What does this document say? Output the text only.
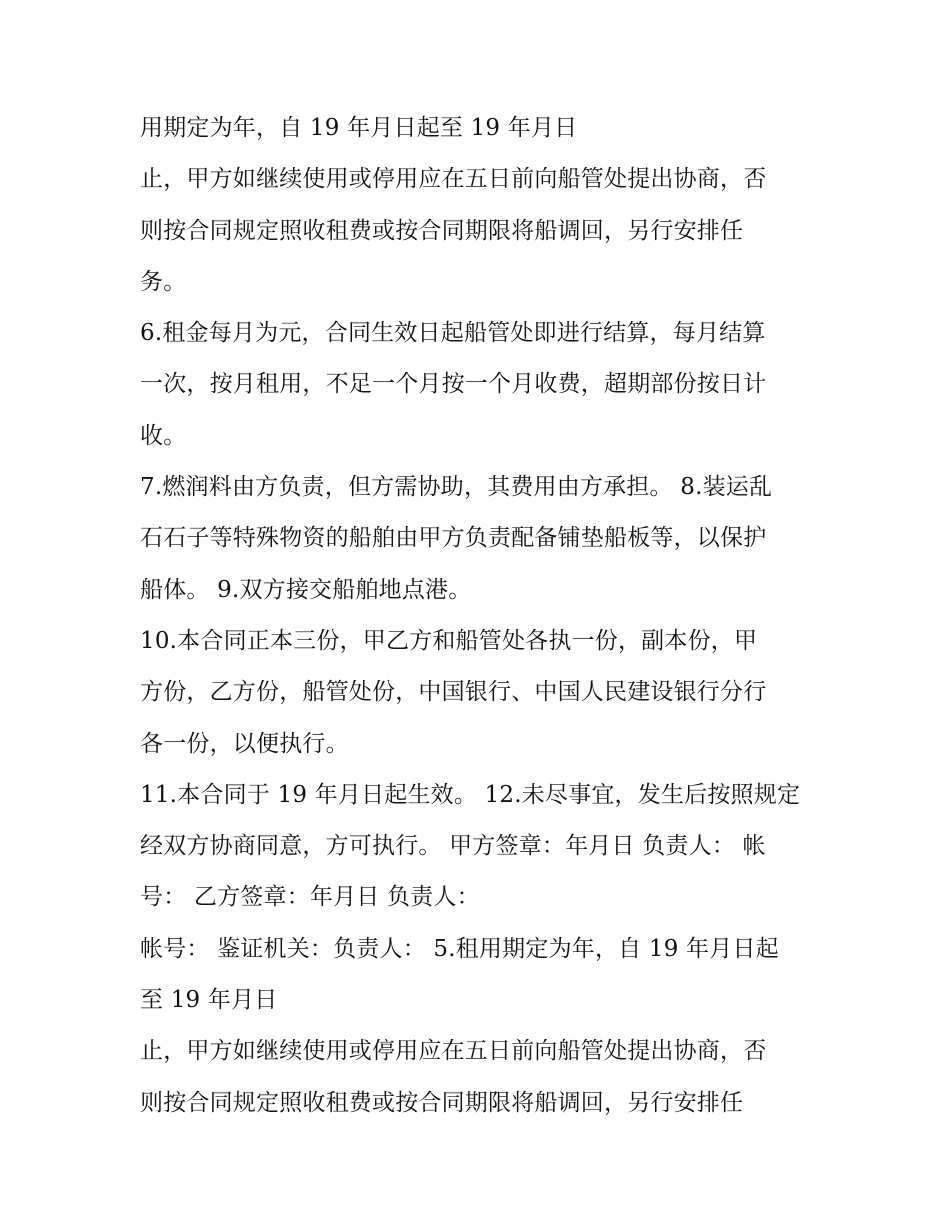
用期定为年，自 19 年月日起至 19 年月日
止，甲方如继续使用或停用应在五日前向船管处提出协商，否
则按合同规定照收租费或按合同期限将船调回，另行安排任
务。
6.租金每月为元，合同生效日起船管处即进行结算，每月结算
一次，按月租用，不足一个月按一个月收费，超期部份按日计
收。
7.燃润料由方负责，但方需协助，其费用由方承担。 8.装运乱
石石子等特殊物资的船舶由甲方负责配备铺垫船板等，以保护
船体。 9.双方接交船舶地点港。
10.本合同正本三份，甲乙方和船管处各执一份，副本份，甲
方份，乙方份，船管处份，中国银行、中国人民建设银行分行
各一份，以便执行。
11.本合同于 19 年月日起生效。 12.未尽事宜，发生后按照规定
经双方协商同意，方可执行。 甲方签章：年月日 负责人： 帐
号： 乙方签章：年月日 负责人：
帐号： 鉴证机关：负责人： 5.租用期定为年，自 19 年月日起
至 19 年月日
止，甲方如继续使用或停用应在五日前向船管处提出协商，否
则按合同规定照收租费或按合同期限将船调回，另行安排任
